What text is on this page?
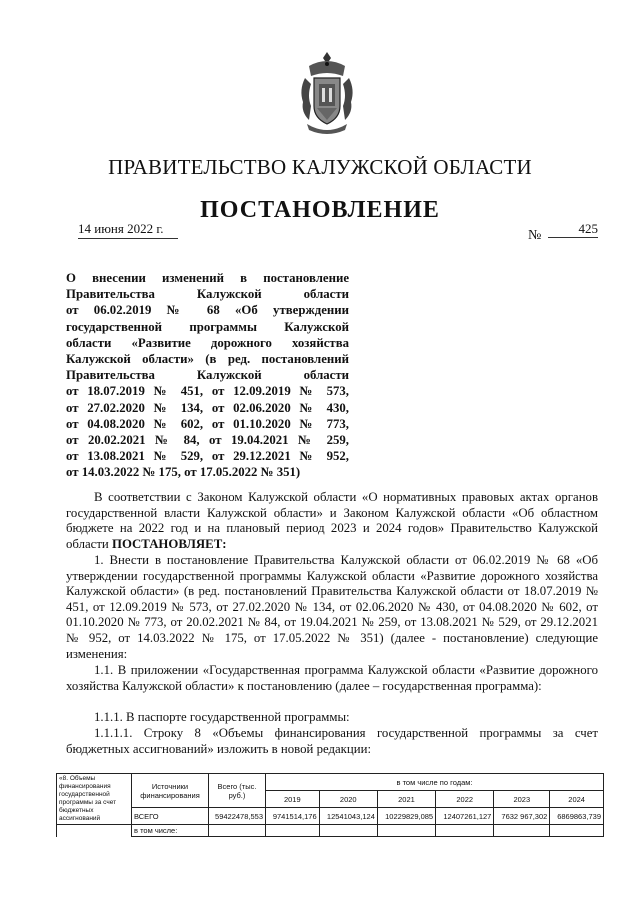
ПРАВИТЕЛЬСТВО КАЛУЖСКОЙ ОБЛАСТИ
ПОСТАНОВЛЕНИЕ
14 июня 2022 г.	№	425

О внесении изменений в постановление

Правительства Калужской области

от 06.02.2019 № 68 «Об утверждении

государственной программы Калужской

области «Развитие дорожного хозяйства

Калужской области» (в ред. постановлений

Правительства Калужской области

от 18.07.2019 № 451, от 12.09.2019 № 573,

от 27.02.2020 № 134, от 02.06.2020 № 430,

от 04.08.2020 № 602, от 01.10.2020 № 773,

от 20.02.2021 № 84, от 19.04.2021 № 259,

от 13.08.2021 № 529, от 29.12.2021 № 952,

от 14.03.2022 № 175, от 17.05.2022 № 351)

В соответствии с Законом Калужской области «О нормативных правовых актах органов государственной власти Калужской области» и Законом Калужской области «Об областном бюджете на 2022 год и на плановый период 2023 и 2024 годов» Правительство Калужской области ПОСТАНОВЛЯЕТ:

1. Внести в постановление Правительства Калужской области от 06.02.2019 № 68 «Об утверждении государственной программы Калужской области «Развитие дорожного хозяйства Калужской области» (в ред. постановлений Правительства Калужской области от 18.07.2019 № 451, от 12.09.2019 № 573, от 27.02.2020 № 134, от 02.06.2020 № 430, от 04.08.2020 № 602, от 01.10.2020 № 773, от 20.02.2021 № 84, от 19.04.2021 № 259, от 13.08.2021 № 529, от 29.12.2021 № 952, от 14.03.2022 № 175, от 17.05.2022 № 351) (далее - постановление) следующие изменения:

1.1. В приложении «Государственная программа Калужской области «Развитие дорожного хозяйства Калужской области» к постановлению (далее – государственная программа):

1.1.1. В паспорте государственной программы:

1.1.1.1. Строку 8 «Объемы финансирования государственной программы за счет бюджетных ассигнований» изложить в новой редакции:

«8. Объемы финансирования государственной программы за счет бюджетных ассигнований	Источники финансирования	Всего (тыс. руб.)	в том числе по годам:					
			2019	2020	2021	2022	2023	2024
	ВСЕГО	59422478,553	9741514,176	12541043,124	10229829,085	12407261,127	7632 967,302	6869863,739
	в том числе:							
